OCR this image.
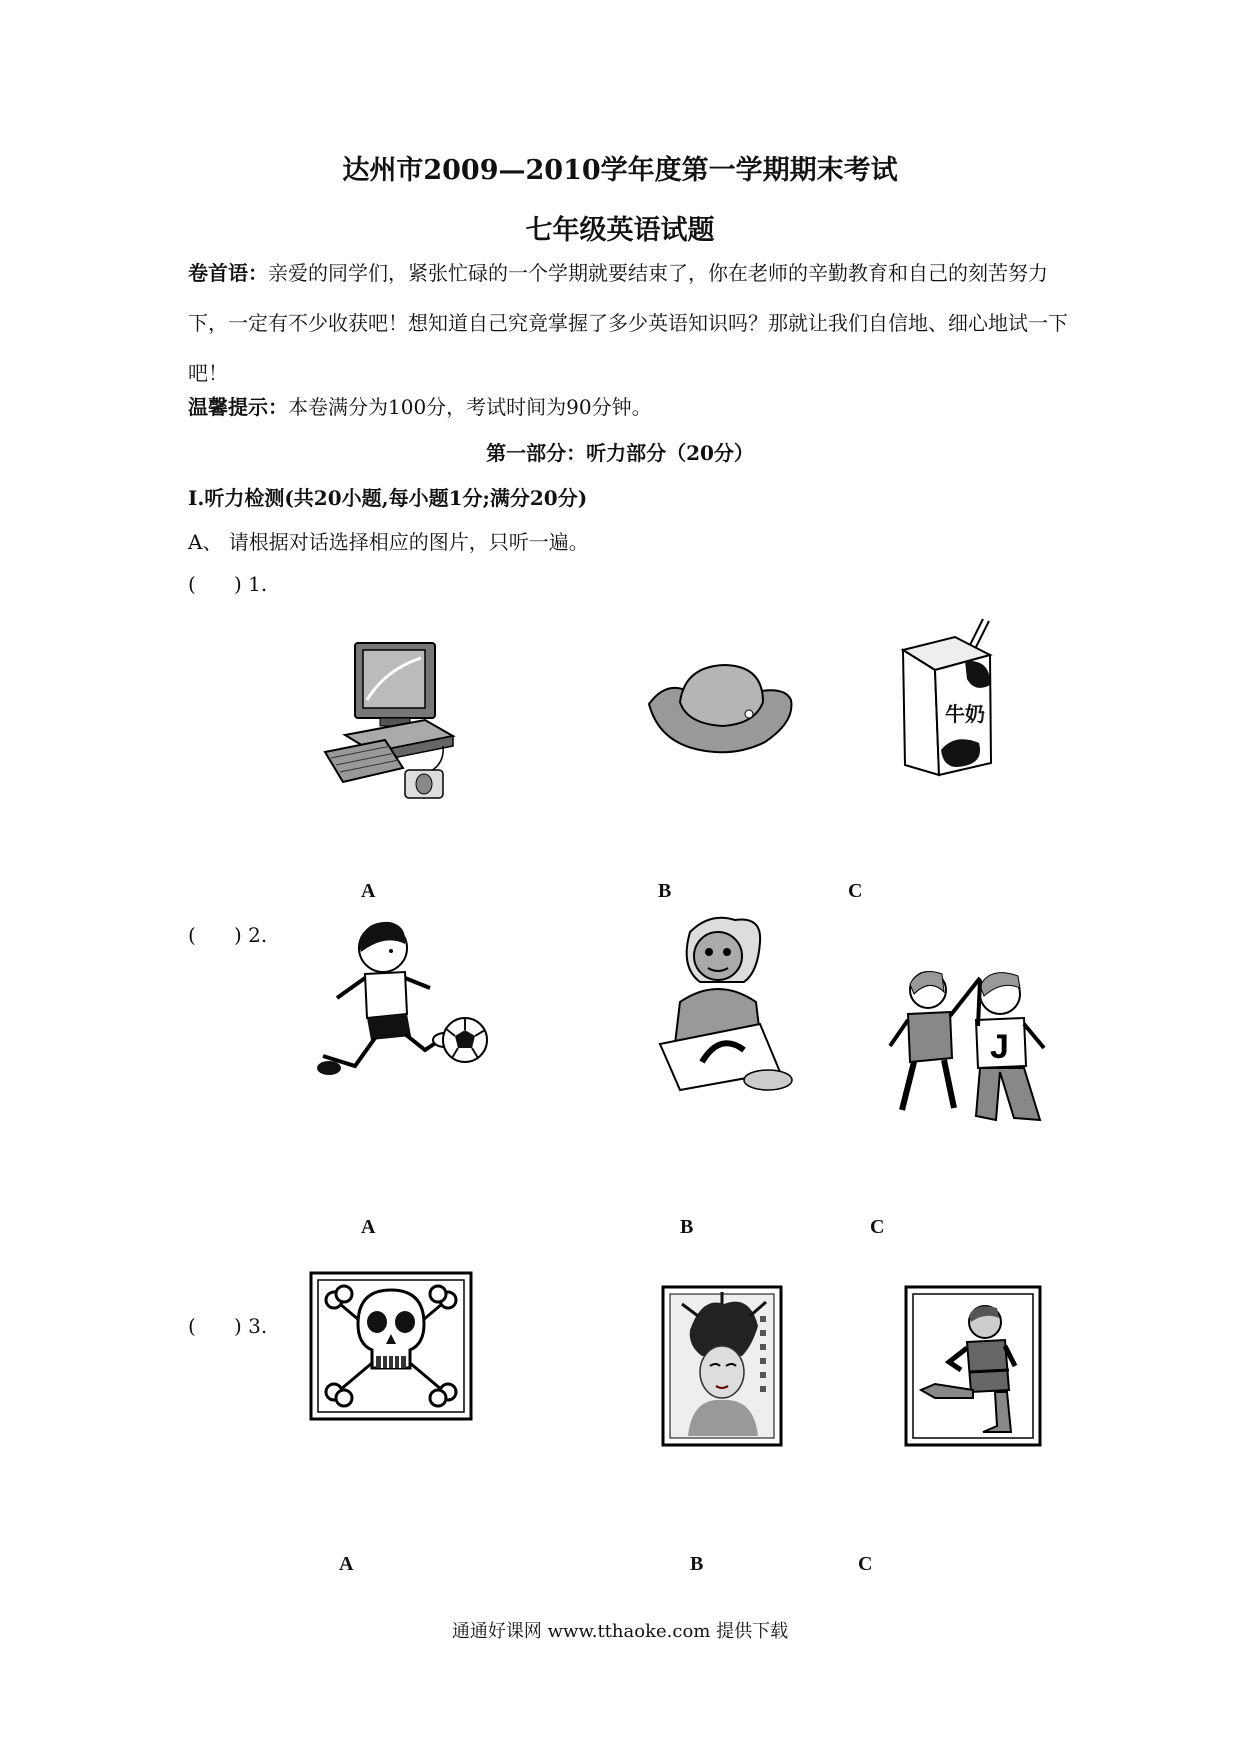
达州市2009—2010学年度第一学期期末考试
七年级英语试题
卷首语：亲爱的同学们，紧张忙碌的一个学期就要结束了，你在老师的辛勤教育和自己的刻苦努力下，一定有不少收获吧！想知道自己究竟掌握了多少英语知识吗？那就让我们自信地、细心地试一下吧！
温馨提示：本卷满分为100分，考试时间为90分钟。
第一部分：听力部分（20分）
I.听力检测(共20小题,每小题1分;满分20分)
A、 请根据对话选择相应的图片，只听一遍。
(      ) 1.
牛奶
A	B	C
(      ) 2.
J
A	B	C
(      ) 3.
A	B	C
通通好课网 www.tthaoke.com 提供下载
